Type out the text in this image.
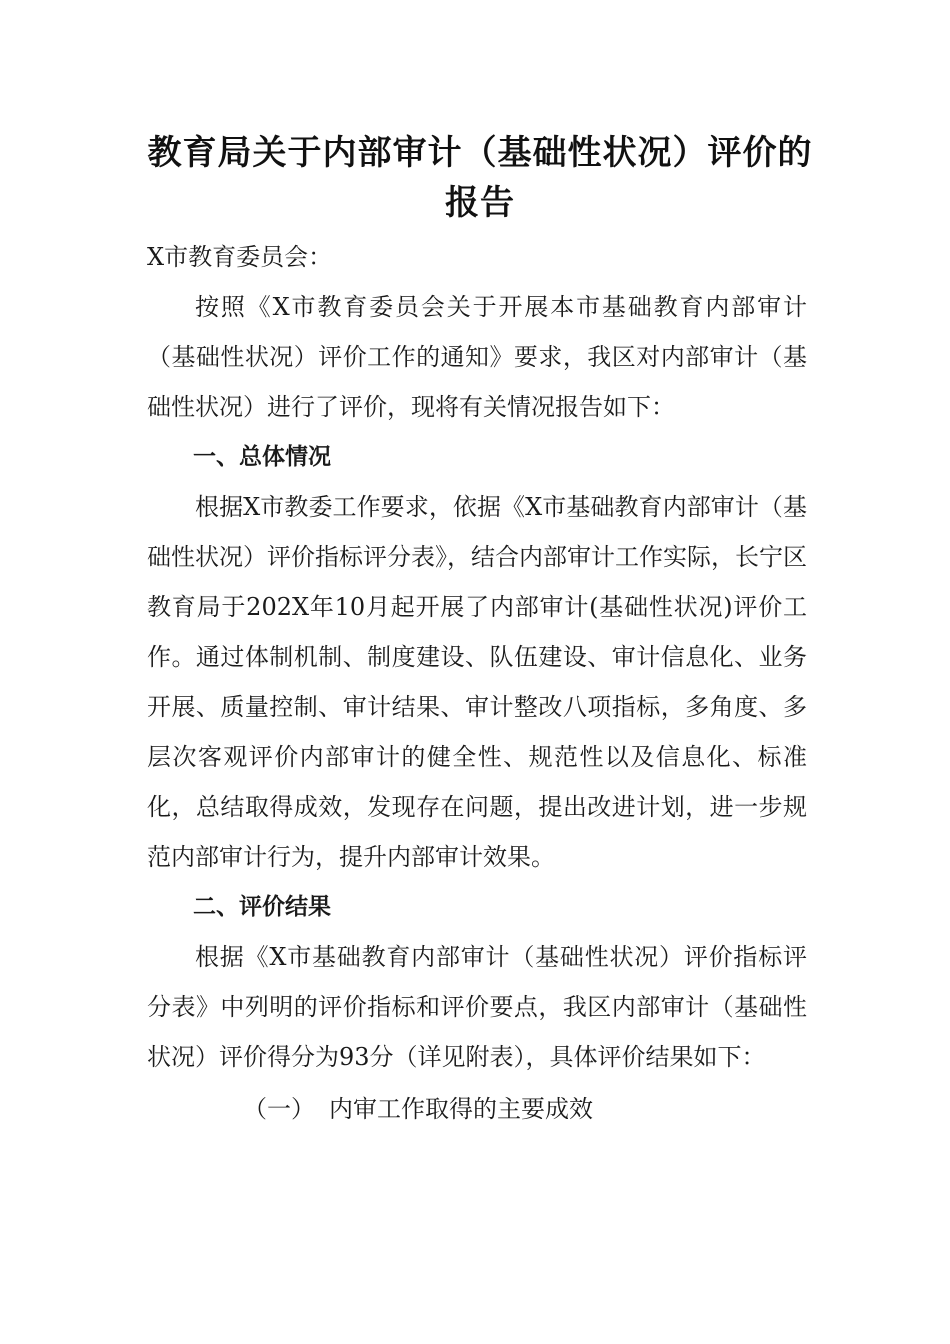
教育局关于内部审计（基础性状况）评价的报告

X市教育委员会：

按照《X市教育委员会关于开展本市基础教育内部审计（基础性状况）评价工作的通知》要求，我区对内部审计（基础性状况）进行了评价，现将有关情况报告如下：

一、总体情况

根据X市教委工作要求，依据《X市基础教育内部审计（基础性状况）评价指标评分表》，结合内部审计工作实际，长宁区教育局于202X年10月起开展了内部审计(基础性状况)评价工作。通过体制机制、制度建设、队伍建设、审计信息化、业务开展、质量控制、审计结果、审计整改八项指标，多角度、多层次客观评价内部审计的健全性、规范性以及信息化、标准化，总结取得成效，发现存在问题，提出改进计划，进一步规范内部审计行为，提升内部审计效果。

二、评价结果

根据《X市基础教育内部审计（基础性状况）评价指标评分表》中列明的评价指标和评价要点，我区内部审计（基础性状况）评价得分为93分（详见附表），具体评价结果如下：

（一） 内审工作取得的主要成效
